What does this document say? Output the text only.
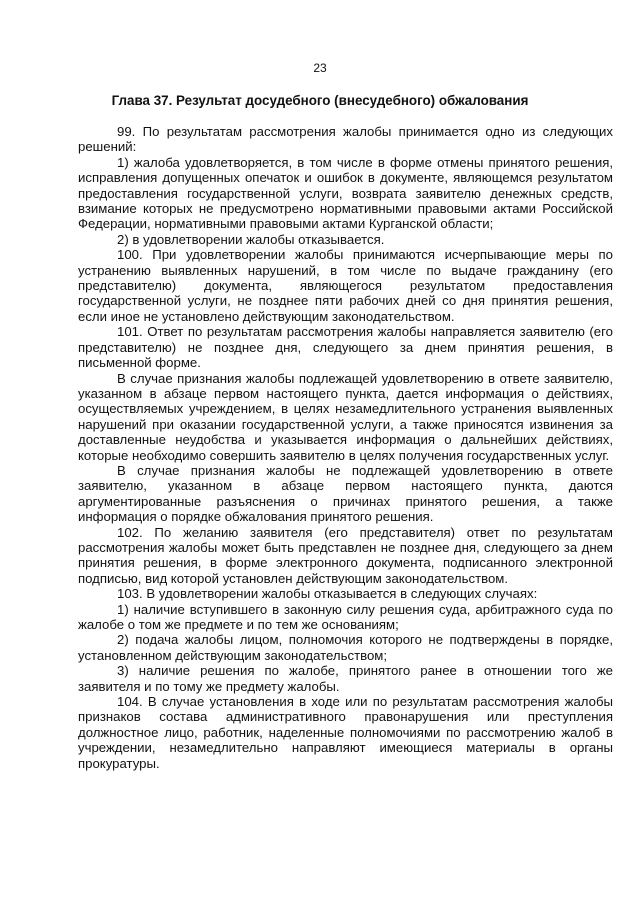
23
Глава 37. Результат досудебного (внесудебного) обжалования

99. По результатам рассмотрения жалобы принимается одно из следующих решений:

1) жалоба удовлетворяется, в том числе в форме отмены принятого решения, исправления допущенных опечаток и ошибок в документе, являющемся результатом предоставления государственной услуги, возврата заявителю денежных средств, взимание которых не предусмотрено нормативными правовыми актами Российской Федерации, нормативными правовыми актами Курганской области;

2) в удовлетворении жалобы отказывается.

100. При удовлетворении жалобы принимаются исчерпывающие меры по устранению выявленных нарушений, в том числе по выдаче гражданину (его представителю) документа, являющегося результатом предоставления государственной услуги, не позднее пяти рабочих дней со дня принятия решения, если иное не установлено действующим законодательством.

101. Ответ по результатам рассмотрения жалобы направляется заявителю (его представителю) не позднее дня, следующего за днем принятия решения, в письменной форме.

В случае признания жалобы подлежащей удовлетворению в ответе заявителю, указанном в абзаце первом настоящего пункта, дается информация о действиях, осуществляемых учреждением, в целях незамедлительного устранения выявленных нарушений при оказании государственной услуги, а также приносятся извинения за доставленные неудобства и указывается информация о дальнейших действиях, которые необходимо совершить заявителю в целях получения государственных услуг.

В случае признания жалобы не подлежащей удовлетворению в ответе заявителю, указанном в абзаце первом настоящего пункта, даются аргументированные разъяснения о причинах принятого решения, а также информация о порядке обжалования принятого решения.

102. По желанию заявителя (его представителя) ответ по результатам рассмотрения жалобы может быть представлен не позднее дня, следующего за днем принятия решения, в форме электронного документа, подписанного электронной подписью, вид которой установлен действующим законодательством.

103. В удовлетворении жалобы отказывается в следующих случаях:

1) наличие вступившего в законную силу решения суда, арбитражного суда по жалобе о том же предмете и по тем же основаниям;

2) подача жалобы лицом, полномочия которого не подтверждены в порядке, установленном действующим законодательством;

3) наличие решения по жалобе, принятого ранее в отношении того же заявителя и по тому же предмету жалобы.

104. В случае установления в ходе или по результатам рассмотрения жалобы признаков состава административного правонарушения или преступления должностное лицо, работник, наделенные полномочиями по рассмотрению жалоб в учреждении, незамедлительно направляют имеющиеся материалы в органы прокуратуры.
